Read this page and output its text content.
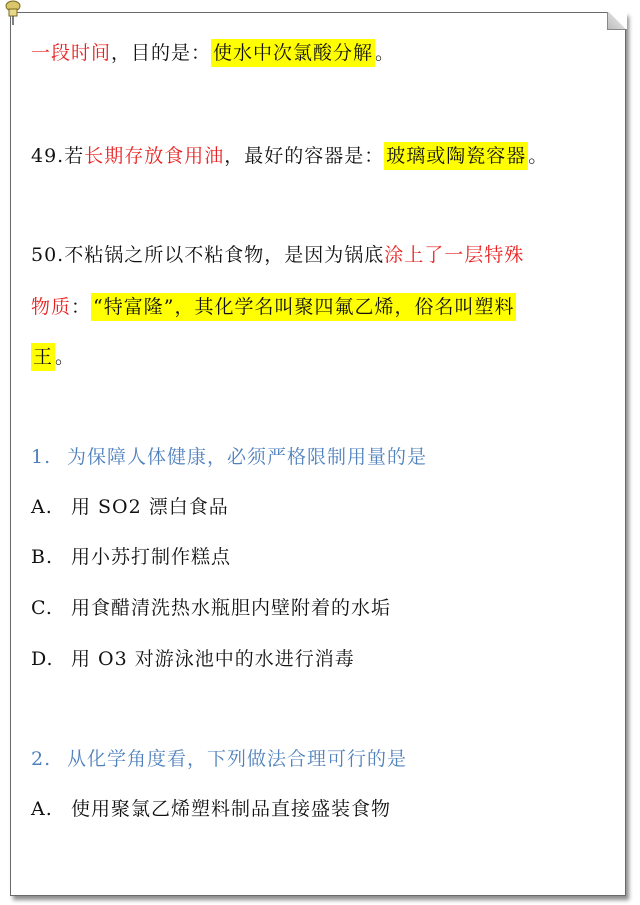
一段时间，目的是： 使水中次氯酸分解 。
49.若长期存放食用油，最好的容器是： 玻璃或陶瓷容器 。
50.不粘锅之所以不粘食物，是因为锅底涂上了一层特殊
物质： “特富隆”，其化学名叫聚四氟乙烯，俗名叫塑料
王 。
1. 为保障人体健康，必须严格限制用量的是
A. 用 SO2 漂白食品
B. 用小苏打制作糕点
C. 用食醋清洗热水瓶胆内壁附着的水垢
D. 用 O3 对游泳池中的水进行消毒
2. 从化学角度看，下列做法合理可行的是
A. 使用聚氯乙烯塑料制品直接盛装食物
